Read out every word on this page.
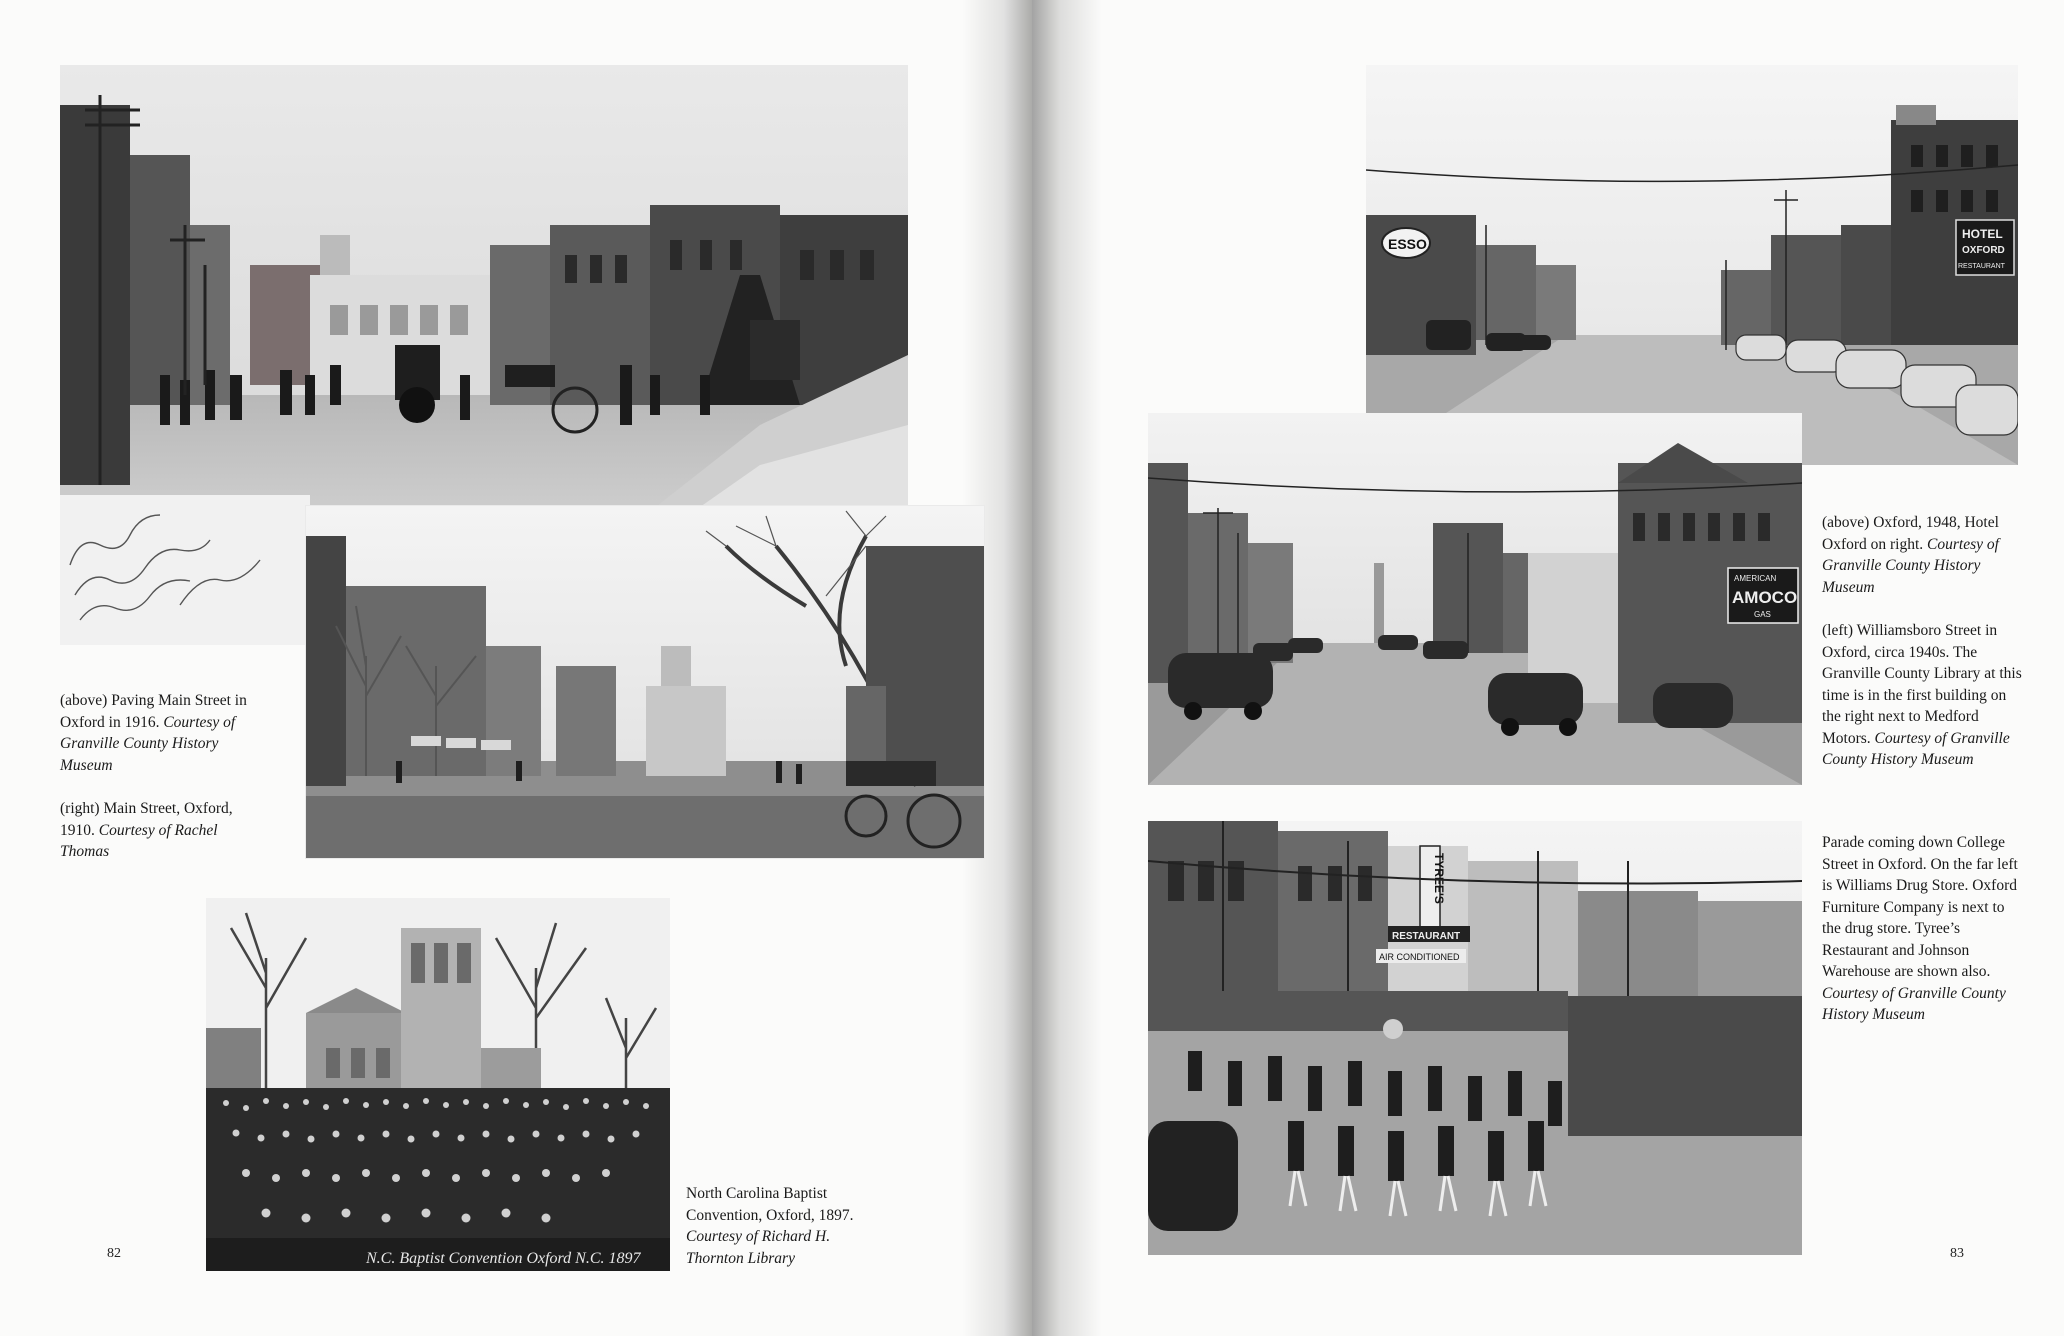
N.C. Baptist Convention Oxford N.C. 1897

(above) Paving Main Street in Oxford in 1916. Courtesy of Granville County History Museum

(right) Main Street, Oxford, 1910. Courtesy of Rachel Thomas

North Carolina Baptist Convention, Oxford, 1897. Courtesy of Richard H. Thornton Library

82
ESSO
HOTEL
OXFORD
RESTAURANT
AMERICAN
AMOCO
GAS
TYREE'S
RESTAURANT
AIR CONDITIONED

(above) Oxford, 1948, Hotel Oxford on right. Courtesy of Granville County History Museum

(left) Williamsboro Street in Oxford, circa 1940s. The Granville County Library at this time is in the first building on the right next to Medford Motors. Courtesy of Granville County History Museum

Parade coming down College Street in Oxford. On the far left is Williams Drug Store. Oxford Furniture Company is next to the drug store. Tyree’s Restaurant and Johnson Warehouse are shown also. Courtesy of Granville County History Museum

83
